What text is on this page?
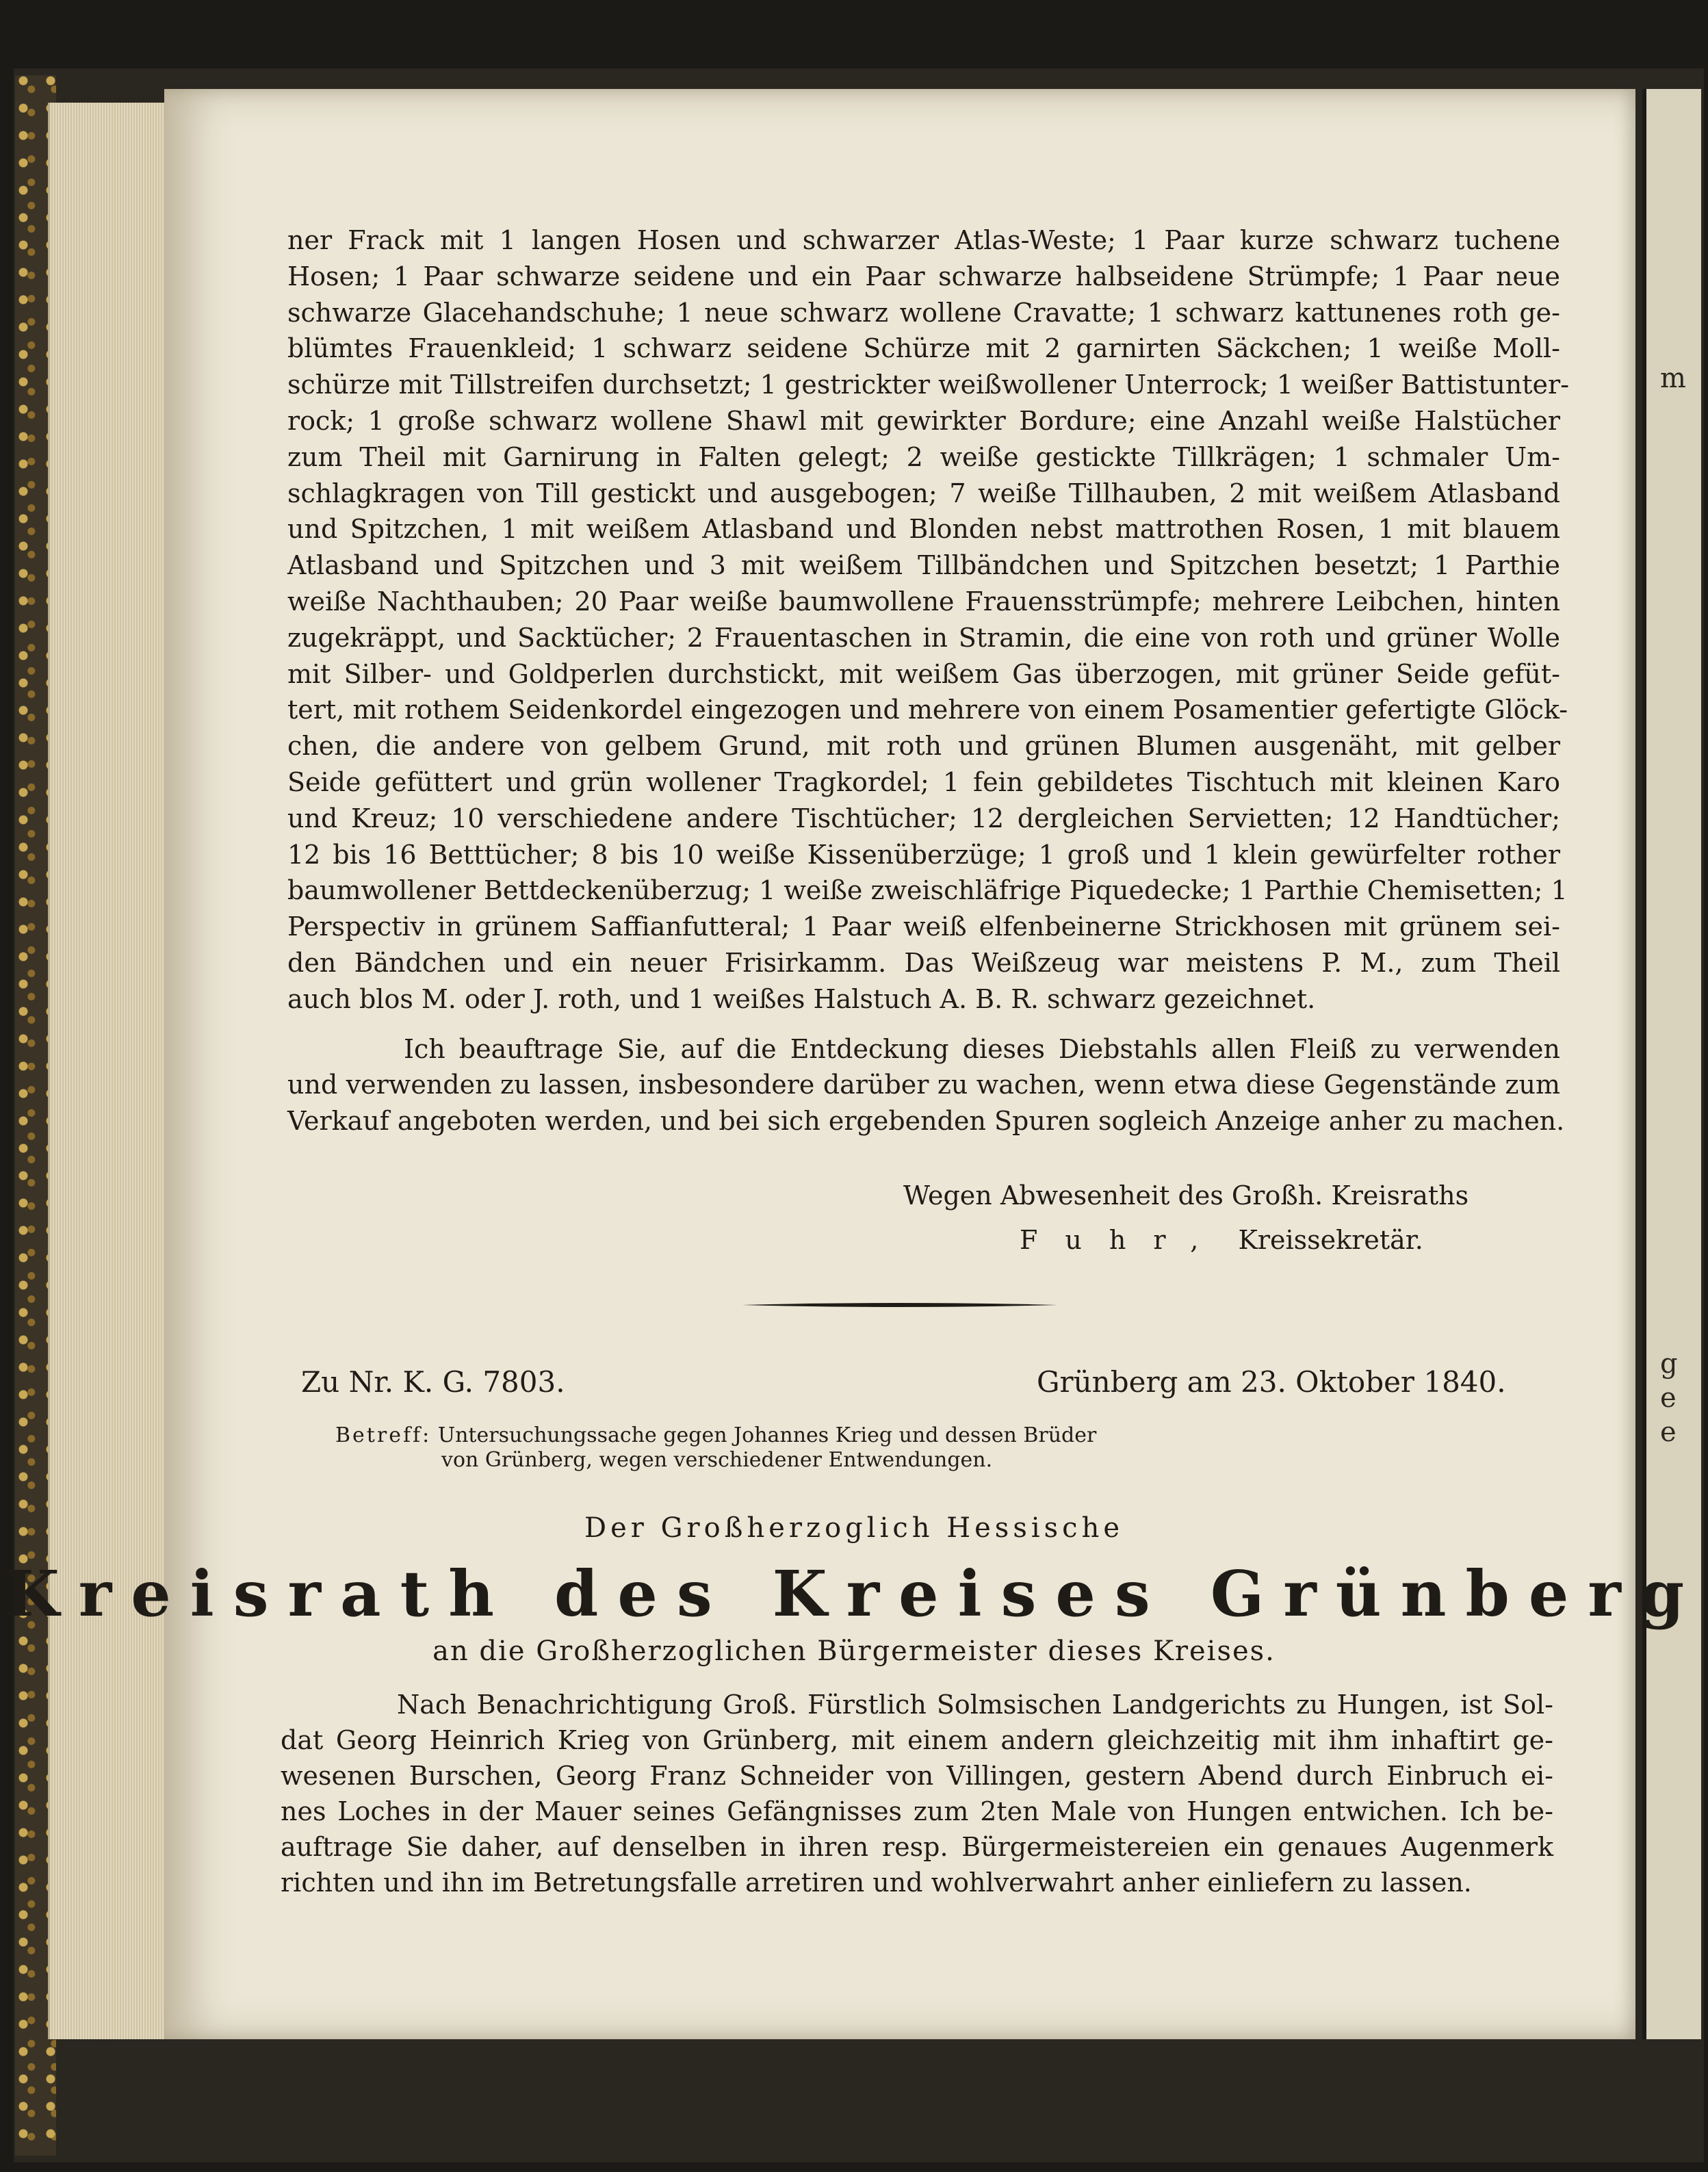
m
g
e
e
ner Frack mit 1 langen Hosen und schwarzer Atlas-Weste; 1 Paar kurze schwarz tuchene
Hosen; 1 Paar schwarze seidene und ein Paar schwarze halbseidene Strümpfe; 1 Paar neue
schwarze Glacehandschuhe; 1 neue schwarz wollene Cravatte; 1 schwarz kattunenes roth ge-
blümtes Frauenkleid; 1 schwarz seidene Schürze mit 2 garnirten Säckchen; 1 weiße Moll-
schürze mit Tillstreifen durchsetzt; 1 gestrickter weißwollener Unterrock; 1 weißer Battistunter-
rock; 1 große schwarz wollene Shawl mit gewirkter Bordure; eine Anzahl weiße Halstücher
zum Theil mit Garnirung in Falten gelegt; 2 weiße gestickte Tillkrägen; 1 schmaler Um-
schlagkragen von Till gestickt und ausgebogen; 7 weiße Tillhauben, 2 mit weißem Atlasband
und Spitzchen, 1 mit weißem Atlasband und Blonden nebst mattrothen Rosen, 1 mit blauem
Atlasband und Spitzchen und 3 mit weißem Tillbändchen und Spitzchen besetzt; 1 Parthie
weiße Nachthauben; 20 Paar weiße baumwollene Frauensstrümpfe; mehrere Leibchen, hinten
zugekräppt, und Sacktücher; 2 Frauentaschen in Stramin, die eine von roth und grüner Wolle
mit Silber- und Goldperlen durchstickt, mit weißem Gas überzogen, mit grüner Seide gefüt-
tert, mit rothem Seidenkordel eingezogen und mehrere von einem Posamentier gefertigte Glöck-
chen, die andere von gelbem Grund, mit roth und grünen Blumen ausgenäht, mit gelber
Seide gefüttert und grün wollener Tragkordel; 1 fein gebildetes Tischtuch mit kleinen Karo
und Kreuz; 10 verschiedene andere Tischtücher; 12 dergleichen Servietten; 12 Handtücher;
12 bis 16 Betttücher; 8 bis 10 weiße Kissenüberzüge; 1 groß und 1 klein gewürfelter rother
baumwollener Bettdeckenüberzug; 1 weiße zweischläfrige Piquedecke; 1 Parthie Chemisetten; 1
Perspectiv in grünem Saffianfutteral; 1 Paar weiß elfenbeinerne Strickhosen mit grünem sei-
den Bändchen und ein neuer Frisirkamm. Das Weißzeug war meistens P. M., zum Theil
auch blos M. oder J. roth, und 1 weißes Halstuch A. B. R. schwarz gezeichnet.
Ich beauftrage Sie, auf die Entdeckung dieses Diebstahls allen Fleiß zu verwenden
und verwenden zu lassen, insbesondere darüber zu wachen, wenn etwa diese Gegenstände zum
Verkauf angeboten werden, und bei sich ergebenden Spuren sogleich Anzeige anher zu machen.
Wegen Abwesenheit des Großh. Kreisraths
Fuhr, Kreissekretär.
Zu Nr. K. G. 7803.	Grünberg am 23. Oktober 1840.
Betreff: Untersuchungssache gegen Johannes Krieg und dessen Brüder
von Grünberg, wegen verschiedener Entwendungen.
Der Großherzoglich Hessische
Kreisrath des Kreises Grünberg
an die Großherzoglichen Bürgermeister dieses Kreises.
Nach Benachrichtigung Groß. Fürstlich Solmsischen Landgerichts zu Hungen, ist Sol-
dat Georg Heinrich Krieg von Grünberg, mit einem andern gleichzeitig mit ihm inhaftirt ge-
wesenen Burschen, Georg Franz Schneider von Villingen, gestern Abend durch Einbruch ei-
nes Loches in der Mauer seines Gefängnisses zum 2ten Male von Hungen entwichen. Ich be-
auftrage Sie daher, auf denselben in ihren resp. Bürgermeistereien ein genaues Augenmerk
richten und ihn im Betretungsfalle arretiren und wohlverwahrt anher einliefern zu lassen.
